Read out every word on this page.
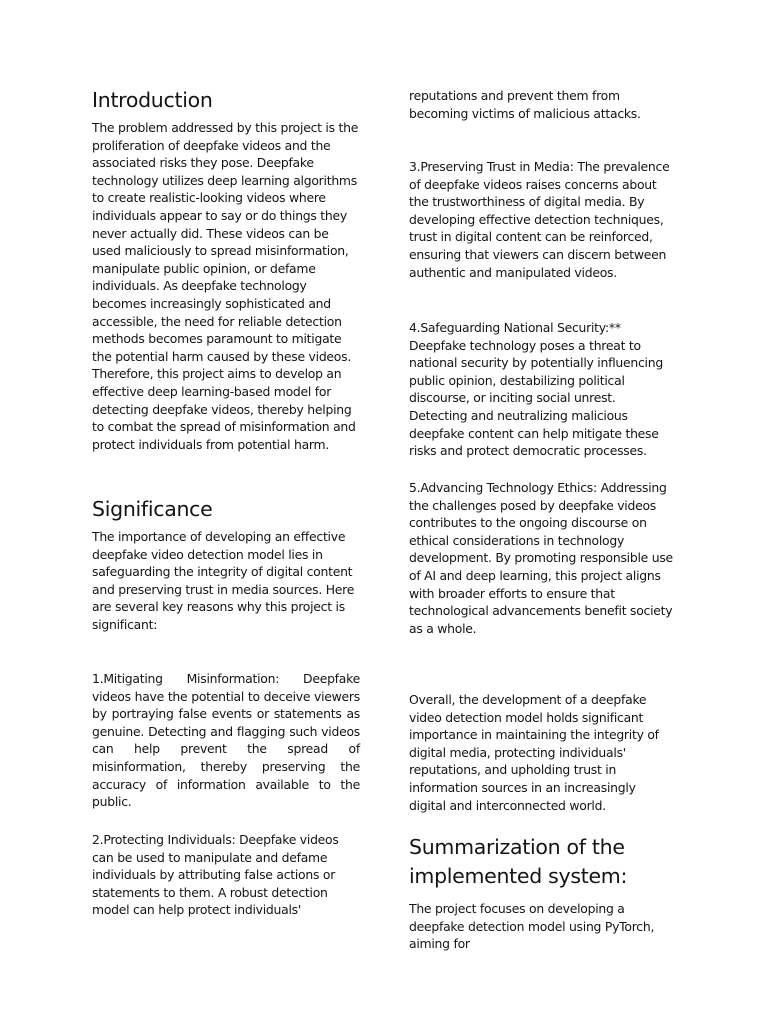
Introduction

The problem addressed by this project is the proliferation of deepfake videos and the associated risks they pose. Deepfake technology utilizes deep learning algorithms to create realistic-looking videos where individuals appear to say or do things they never actually did. These videos can be used maliciously to spread misinformation, manipulate public opinion, or defame individuals. As deepfake technology becomes increasingly sophisticated and accessible, the need for reliable detection methods becomes paramount to mitigate the potential harm caused by these videos. Therefore, this project aims to develop an effective deep learning-based model for detecting deepfake videos, thereby helping to combat the spread of misinformation and protect individuals from potential harm.

Significance

The importance of developing an effective deepfake video detection model lies in safeguarding the integrity of digital content and preserving trust in media sources. Here are several key reasons why this project is significant:

1.Mitigating Misinformation: Deepfake videos have the potential to deceive viewers by portraying false events or statements as genuine. Detecting and flagging such videos can help prevent the spread of misinformation, thereby preserving the accuracy of information available to the public.

2.Protecting Individuals: Deepfake videos can be used to manipulate and defame individuals by attributing false actions or statements to them. A robust detection model can help protect individuals'

reputations and prevent them from becoming victims of malicious attacks.

3.Preserving Trust in Media: The prevalence of deepfake videos raises concerns about the trustworthiness of digital media. By developing effective detection techniques, trust in digital content can be reinforced, ensuring that viewers can discern between authentic and manipulated videos.

4.Safeguarding National Security:** Deepfake technology poses a threat to national security by potentially influencing public opinion, destabilizing political discourse, or inciting social unrest. Detecting and neutralizing malicious deepfake content can help mitigate these risks and protect democratic processes.

5.Advancing Technology Ethics: Addressing the challenges posed by deepfake videos contributes to the ongoing discourse on ethical considerations in technology development. By promoting responsible use of AI and deep learning, this project aligns with broader efforts to ensure that technological advancements benefit society as a whole.

Overall, the development of a deepfake video detection model holds significant importance in maintaining the integrity of digital media, protecting individuals' reputations, and upholding trust in information sources in an increasingly digital and interconnected world.

Summarization of the implemented system:

The project focuses on developing a deepfake detection model using PyTorch, aiming for
